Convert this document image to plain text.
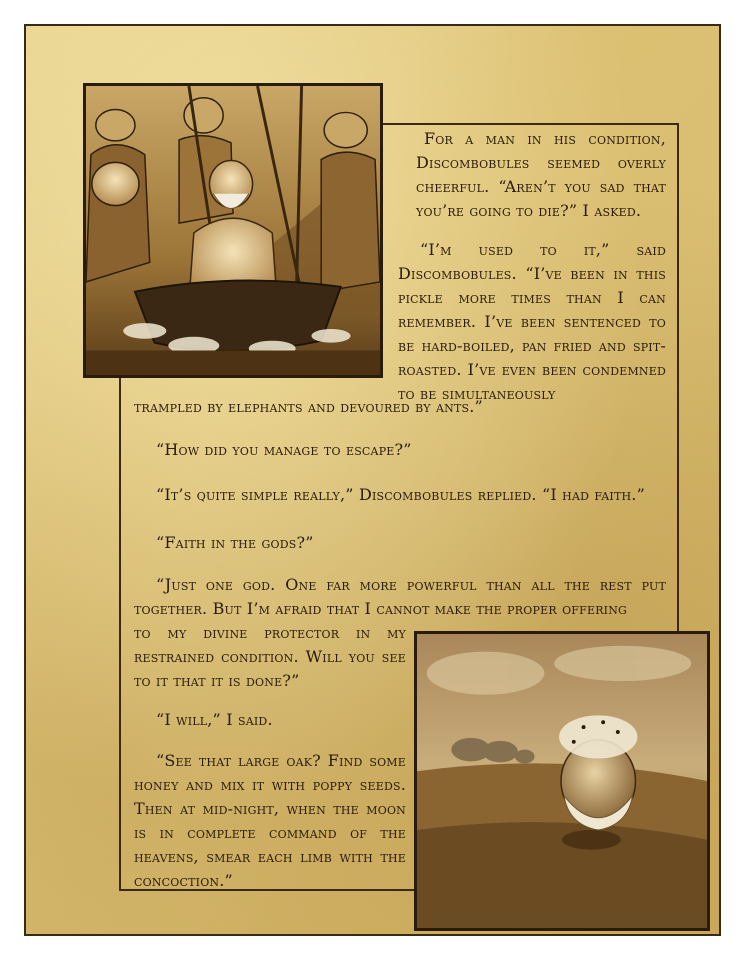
For a man in his condition, Discombobules seemed overly cheerful. “Aren’t you sad that you’re going to die?” I asked.

“I’m used to it,” said Discombobules. “I’ve been in this pickle more times than I can remember. I’ve been sentenced to be hard-boiled, pan fried and spit-roasted. I’ve even been condemned to be simultaneously

trampled by elephants and devoured by ants.”

“How did you manage to escape?”

“It’s quite simple really,” Discombobules replied. “I had faith.”

“Faith in the gods?”

“Just one god. One far more powerful than all the rest put together. But I’m afraid that I cannot make the proper offering

to my divine protector in my restrained condition. Will you see to it that it is done?”

“I will,” I said.

“See that large oak? Find some honey and mix it with poppy seeds. Then at mid-night, when the moon is in complete command of the heavens, smear each limb with the concoction.”
